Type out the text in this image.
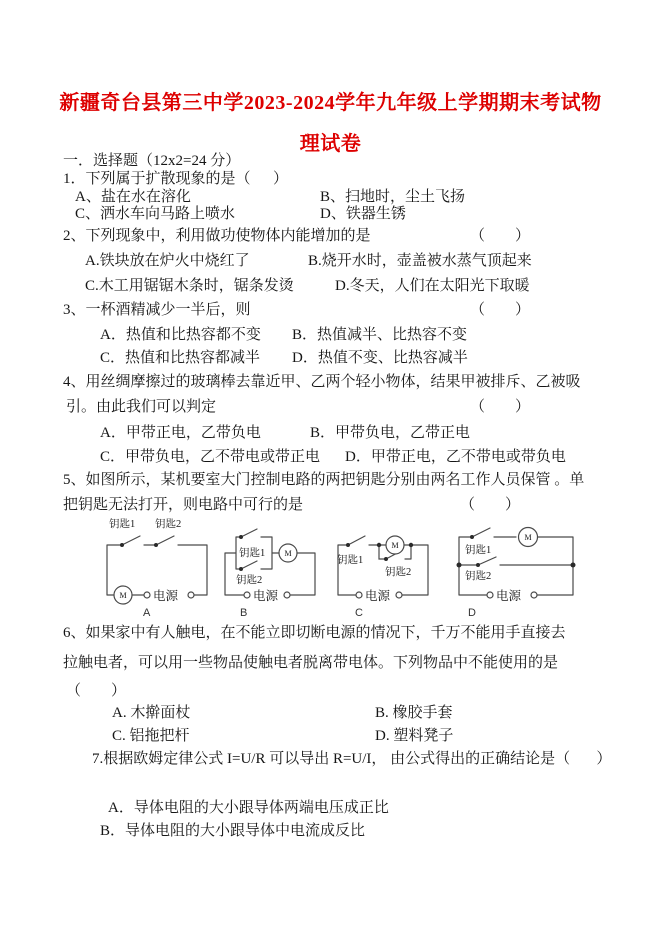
新疆奇台县第三中学2023-2024学年九年级上学期期末考试物
理试卷
一．选择题（12x2=24 分）
1．下列属于扩散现象的是（      ）
A、盐在水在溶化	B、扫地时，尘土飞扬
C、洒水车向马路上喷水	D、铁器生锈
2、下列现象中，利用做功使物体内能增加的是	（        ）
A.铁块放在炉火中烧红了	B.烧开水时，壶盖被水蒸气顶起来
C.木工用锯锯木条时，锯条发烫	D.冬天，人们在太阳光下取暖
3、一杯酒精减少一半后，则	（        ）
A．热值和比热容都不变 B．热值减半、比热容不变
C．热值和比热容都减半 D．热值不变、比热容减半
4、用丝绸摩擦过的玻璃棒去靠近甲、乙两个轻小物体，结果甲被排斥、乙被吸
引。由此我们可以判定	（        ）
A．甲带正电，乙带负电	B．甲带负电，乙带正电
C．甲带负电，乙不带电或带正电 D．甲带正电，乙不带电或带负电
5、如图所示，某机要室大门控制电路的两把钥匙分别由两名工作人员保管 。单
把钥匙无法打开，则电路中可行的是	（        ）
钥匙1 钥匙2
M 电源
A
钥匙1
钥匙2
M
电源
B
钥匙1
钥匙2
M
电源
C
钥匙1
钥匙2
M
电源
D
6、如果家中有人触电，在不能立即切断电源的情况下，千万不能用手直接去
拉触电者，可以用一些物品使触电者脱离带电体。下列物品中不能使用的是
（        ）
A. 木擀面杖	B. 橡胶手套
C. 铝拖把杆	D. 塑料凳子
7.根据欧姆定律公式 I=U/R 可以导出 R=U/I， 由公式得出的正确结论是（       ）
A．导体电阻的大小跟导体两端电压成正比
B．导体电阻的大小跟导体中电流成反比
